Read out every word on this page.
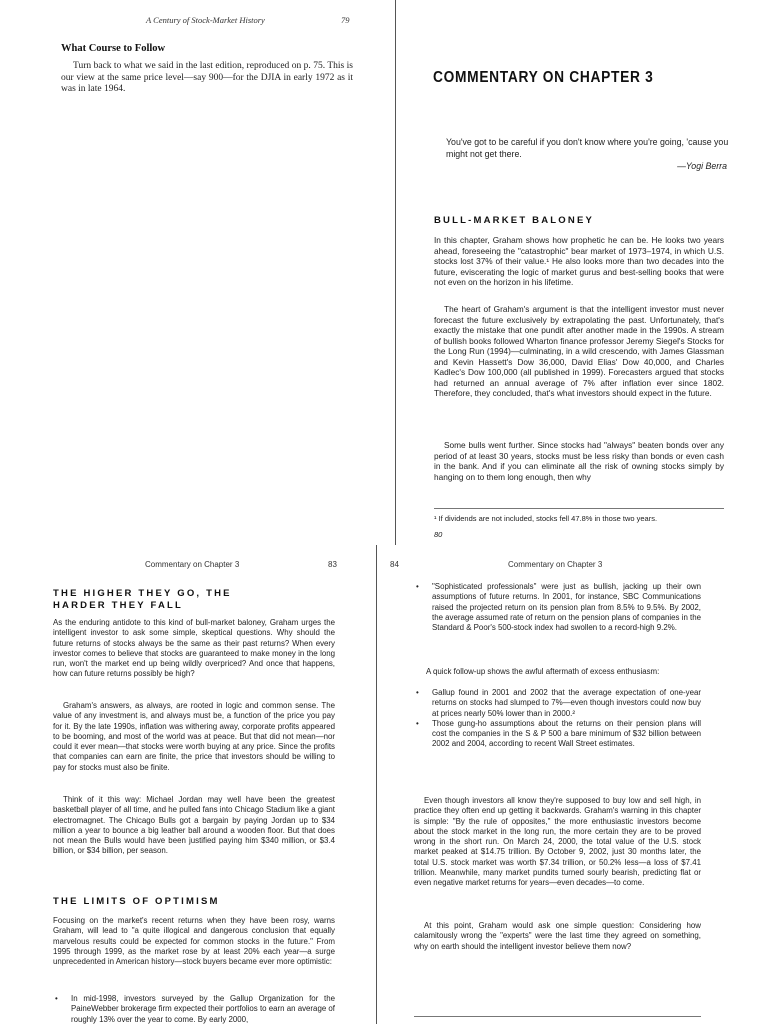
A Century of Stock-Market History	79
What Course to Follow

Turn back to what we said in the last edition, reproduced on p. 75. This is our view at the same price level—say 900—for the DJIA in early 1972 as it was in late 1964.

COMMENTARY ON CHAPTER 3
You've got to be careful if you don't know where you're going, 'cause you might not get there.
—Yogi Berra
BULL-MARKET BALONEY

In this chapter, Graham shows how prophetic he can be. He looks two years ahead, foreseeing the "catastrophic" bear market of 1973–1974, in which U.S. stocks lost 37% of their value.¹ He also looks more than two decades into the future, eviscerating the logic of market gurus and best-selling books that were not even on the horizon in his lifetime.

The heart of Graham's argument is that the intelligent investor must never forecast the future exclusively by extrapolating the past. Unfortunately, that's exactly the mistake that one pundit after another made in the 1990s. A stream of bullish books followed Wharton finance professor Jeremy Siegel's Stocks for the Long Run (1994)—culminating, in a wild crescendo, with James Glassman and Kevin Hassett's Dow 36,000, David Elias' Dow 40,000, and Charles Kadlec's Dow 100,000 (all published in 1999). Forecasters argued that stocks had returned an annual average of 7% after inflation ever since 1802. Therefore, they concluded, that's what investors should expect in the future.

Some bulls went further. Since stocks had "always" beaten bonds over any period of at least 30 years, stocks must be less risky than bonds or even cash in the bank. And if you can eliminate all the risk of owning stocks simply by hanging on to them long enough, then why

¹ If dividends are not included, stocks fell 47.8% in those two years.
80
Commentary on Chapter 3	83
THE HIGHER THEY GO, THE HARDER THEY FALL

As the enduring antidote to this kind of bull-market baloney, Graham urges the intelligent investor to ask some simple, skeptical questions. Why should the future returns of stocks always be the same as their past returns? When every investor comes to believe that stocks are guaranteed to make money in the long run, won't the market end up being wildly overpriced? And once that happens, how can future returns possibly be high?

Graham's answers, as always, are rooted in logic and common sense. The value of any investment is, and always must be, a function of the price you pay for it. By the late 1990s, inflation was withering away, corporate profits appeared to be booming, and most of the world was at peace. But that did not mean—nor could it ever mean—that stocks were worth buying at any price. Since the profits that companies can earn are finite, the price that investors should be willing to pay for stocks must also be finite.

Think of it this way: Michael Jordan may well have been the greatest basketball player of all time, and he pulled fans into Chicago Stadium like a giant electromagnet. The Chicago Bulls got a bargain by paying Jordan up to $34 million a year to bounce a big leather ball around a wooden floor. But that does not mean the Bulls would have been justified paying him $340 million, or $3.4 billion, or $34 billion, per season.

THE LIMITS OF OPTIMISM

Focusing on the market's recent returns when they have been rosy, warns Graham, will lead to "a quite illogical and dangerous conclusion that equally marvelous results could be expected for common stocks in the future." From 1995 through 1999, as the market rose by at least 20% each year—a surge unprecedented in American history—stock buyers became ever more optimistic:

• In mid-1998, investors surveyed by the Gallup Organization for the PaineWebber brokerage firm expected their portfolios to earn an average of roughly 13% over the year to come. By early 2000,
84	Commentary on Chapter 3
• "Sophisticated professionals" were just as bullish, jacking up their own assumptions of future returns. In 2001, for instance, SBC Communications raised the projected return on its pension plan from 8.5% to 9.5%. By 2002, the average assumed rate of return on the pension plans of companies in the Standard & Poor's 500-stock index had swollen to a record-high 9.2%.

A quick follow-up shows the awful aftermath of excess enthusiasm:

• Gallup found in 2001 and 2002 that the average expectation of one-year returns on stocks had slumped to 7%—even though investors could now buy at prices nearly 50% lower than in 2000.²
• Those gung-ho assumptions about the returns on their pension plans will cost the companies in the S & P 500 a bare minimum of $32 billion between 2002 and 2004, according to recent Wall Street estimates.

Even though investors all know they're supposed to buy low and sell high, in practice they often end up getting it backwards. Graham's warning in this chapter is simple: "By the rule of opposites," the more enthusiastic investors become about the stock market in the long run, the more certain they are to be proved wrong in the short run. On March 24, 2000, the total value of the U.S. stock market peaked at $14.75 trillion. By October 9, 2002, just 30 months later, the total U.S. stock market was worth $7.34 trillion, or 50.2% less—a loss of $7.41 trillion. Meanwhile, many market pundits turned sourly bearish, predicting flat or even negative market returns for years—even decades—to come.

At this point, Graham would ask one simple question: Considering how calamitously wrong the "experts" were the last time they agreed on something, why on earth should the intelligent investor believe them now?
